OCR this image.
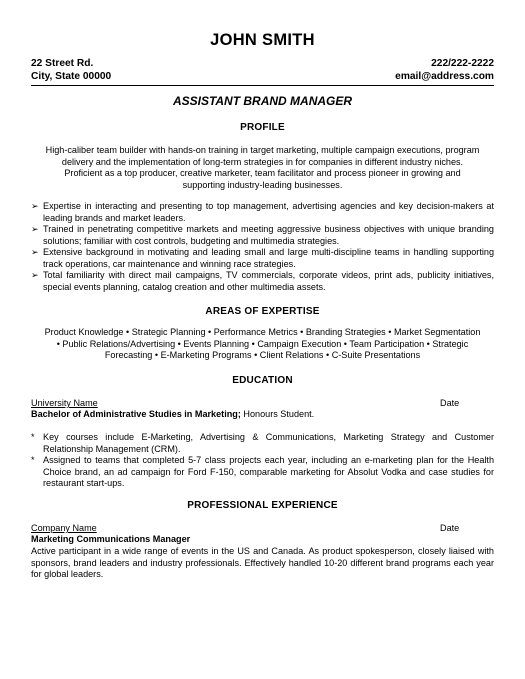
JOHN SMITH
22 Street Rd.	222/222-2222
City, State 00000	email@address.com
ASSISTANT BRAND MANAGER
PROFILE
High-caliber team builder with hands-on training in target marketing, multiple campaign executions, program
delivery and the implementation of long-term strategies in for companies in different industry niches.
Proficient as a top producer, creative marketer, team facilitator and process pioneer in growing and
supporting industry-leading businesses.
➢ Expertise in interacting and presenting to top management, advertising agencies and key decision-makers at leading brands and market leaders.
➢ Trained in penetrating competitive markets and meeting aggressive business objectives with unique branding solutions; familiar with cost controls, budgeting and multimedia strategies.
➢ Extensive background in motivating and leading small and large multi-discipline teams in handling supporting track operations, car maintenance and winning race strategies.
➢ Total familiarity with direct mail campaigns, TV commercials, corporate videos, print ads, publicity initiatives, special events planning, catalog creation and other multimedia assets.
AREAS OF EXPERTISE
Product Knowledge • Strategic Planning • Performance Metrics • Branding Strategies • Market Segmentation
• Public Relations/Advertising • Events Planning • Campaign Execution • Team Participation • Strategic
Forecasting • E-Marketing Programs • Client Relations • C-Suite Presentations
EDUCATION
University Name	Date
Bachelor of Administrative Studies in Marketing; Honours Student.
* Key courses include E-Marketing, Advertising & Communications, Marketing Strategy and Customer Relationship Management (CRM).
* Assigned to teams that completed 5-7 class projects each year, including an e-marketing plan for the Health Choice brand, an ad campaign for Ford F-150, comparable marketing for Absolut Vodka and case studies for restaurant start-ups.
PROFESSIONAL EXPERIENCE
Company Name	Date
Marketing Communications Manager
Active participant in a wide range of events in the US and Canada. As product spokesperson, closely liaised with sponsors, brand leaders and industry professionals. Effectively handled 10-20 different brand programs each year for global leaders.
